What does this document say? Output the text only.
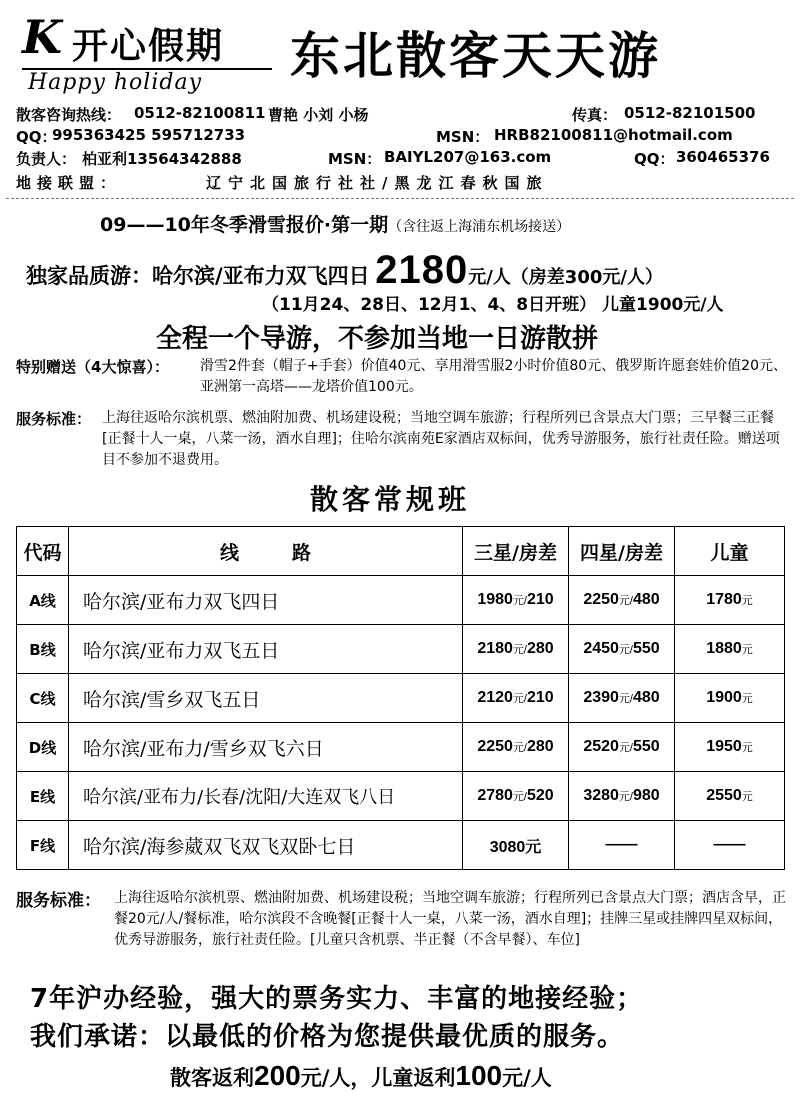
K 开心假期
Happy holiday 东北散客天天游
散客咨询热线： 0512-82100811 曹艳 小刘 小杨	传真： 0512-82101500
QQ：
995363425 595712733	MSN： HRB82100811@hotmail.com
负责人： 柏亚利13564342888	MSN： BAIYL207@163.com	QQ： 360465376
地接联盟：	辽宁北国旅行社社/黑龙江春秋国旅
09——10年冬季滑雪报价·第一期（含往返上海浦东机场接送）
独家品质游：哈尔滨/亚布力双飞四日 2180元/人（房差300元/人）
（11月24、28日、12月1、4、8日开班） 儿童1900元/人
全程一个导游，不参加当地一日游散拼
特别赠送（4大惊喜）： 滑雪2件套（帽子+手套）价值40元、享用滑雪服2小时价值80元、俄罗斯许愿套娃价值20元、亚洲第一高塔——龙塔价值100元。
服务标准： 上海往返哈尔滨机票、燃油附加费、机场建设税；当地空调车旅游；行程所列已含景点大门票；三早餐三正餐[正餐十人一桌，八菜一汤，酒水自理]；住哈尔滨南苑E家酒店双标间，优秀导游服务，旅行社责任险。赠送项目不参加不退费用。
散客常规班
代码	线        路	三星/房差	四星/房差	儿童
A线	哈尔滨/亚布力双飞四日	1980元/210	2250元/480	1780元
B线	哈尔滨/亚布力双飞五日	2180元/280	2450元/550	1880元
C线	哈尔滨/雪乡双飞五日	2120元/210	2390元/480	1900元
D线	哈尔滨/亚布力/雪乡双飞六日	2250元/280	2520元/550	1950元
E线	哈尔滨/亚布力/长春/沈阳/大连双飞八日	2780元/520	3280元/980	2550元
F线	哈尔滨/海参葳双飞双飞双卧七日	3080元	——	——
服务标准： 上海往返哈尔滨机票、燃油附加费、机场建设税；当地空调车旅游；行程所列已含景点大门票；酒店含早，正餐20元/人/餐标准，哈尔滨段不含晚餐[正餐十人一桌，八菜一汤，酒水自理]；挂牌三星或挂牌四星双标间，优秀导游服务，旅行社责任险。[儿童只含机票、半正餐（不含早餐）、车位]
7年沪办经验，强大的票务实力、丰富的地接经验；
我们承诺：以最低的价格为您提供最优质的服务。
散客返利200元/人，儿童返利100元/人
